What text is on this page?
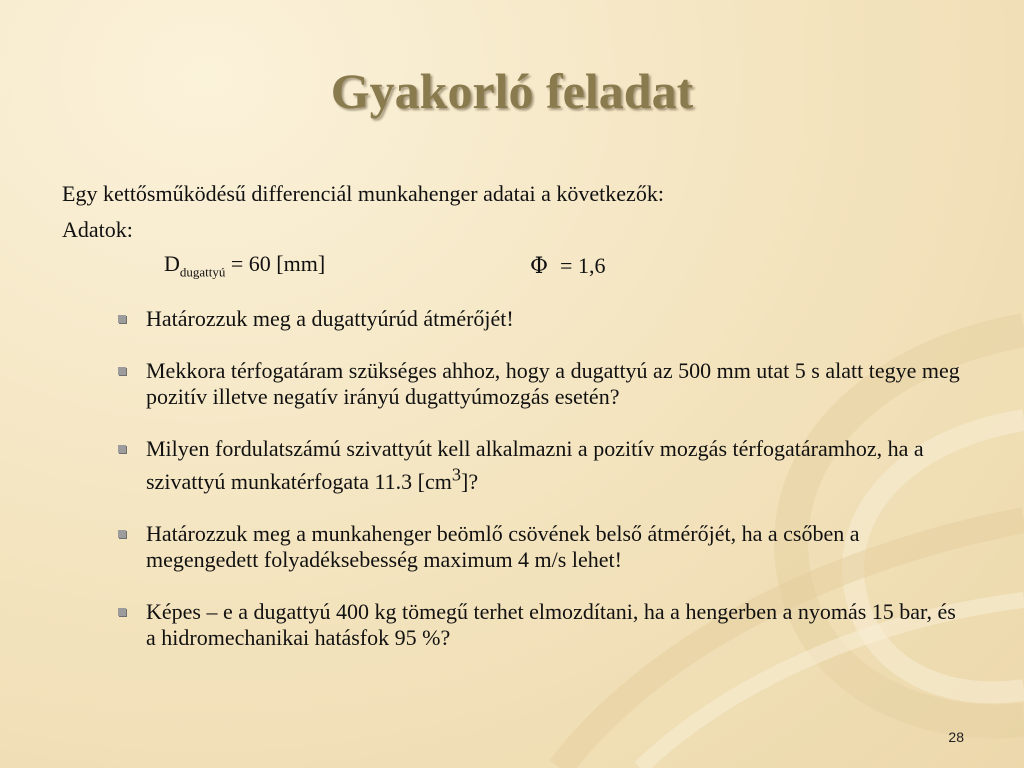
Gyakorló feladat
Egy kettősműködésű differenciál munkahenger adatai a következők:
Adatok:
$D_{dugattyú} = 60$ [mm]	Φ = 1,6
Határozzuk meg a dugattyúrúd átmérőjét!
Mekkora térfogatáram szükséges ahhoz, hogy a dugattyú az 500 mm utat 5 s alatt tegye meg pozitív illetve negatív irányú dugattyúmozgás esetén?
Milyen fordulatszámú szivattyút kell alkalmazni a pozitív mozgás térfogatáramhoz, ha a szivattyú munkatérfogata 11.3 $[cm^3]$?
Határozzuk meg a munkahenger beömlő csövének belső átmérőjét, ha a csőben a megengedett folyadéksebesség maximum 4 m/s lehet!
Képes – e a dugattyú 400 kg tömegű terhet elmozdítani, ha a hengerben a nyomás 15 bar, és a hidromechanikai hatásfok 95 %?
28
